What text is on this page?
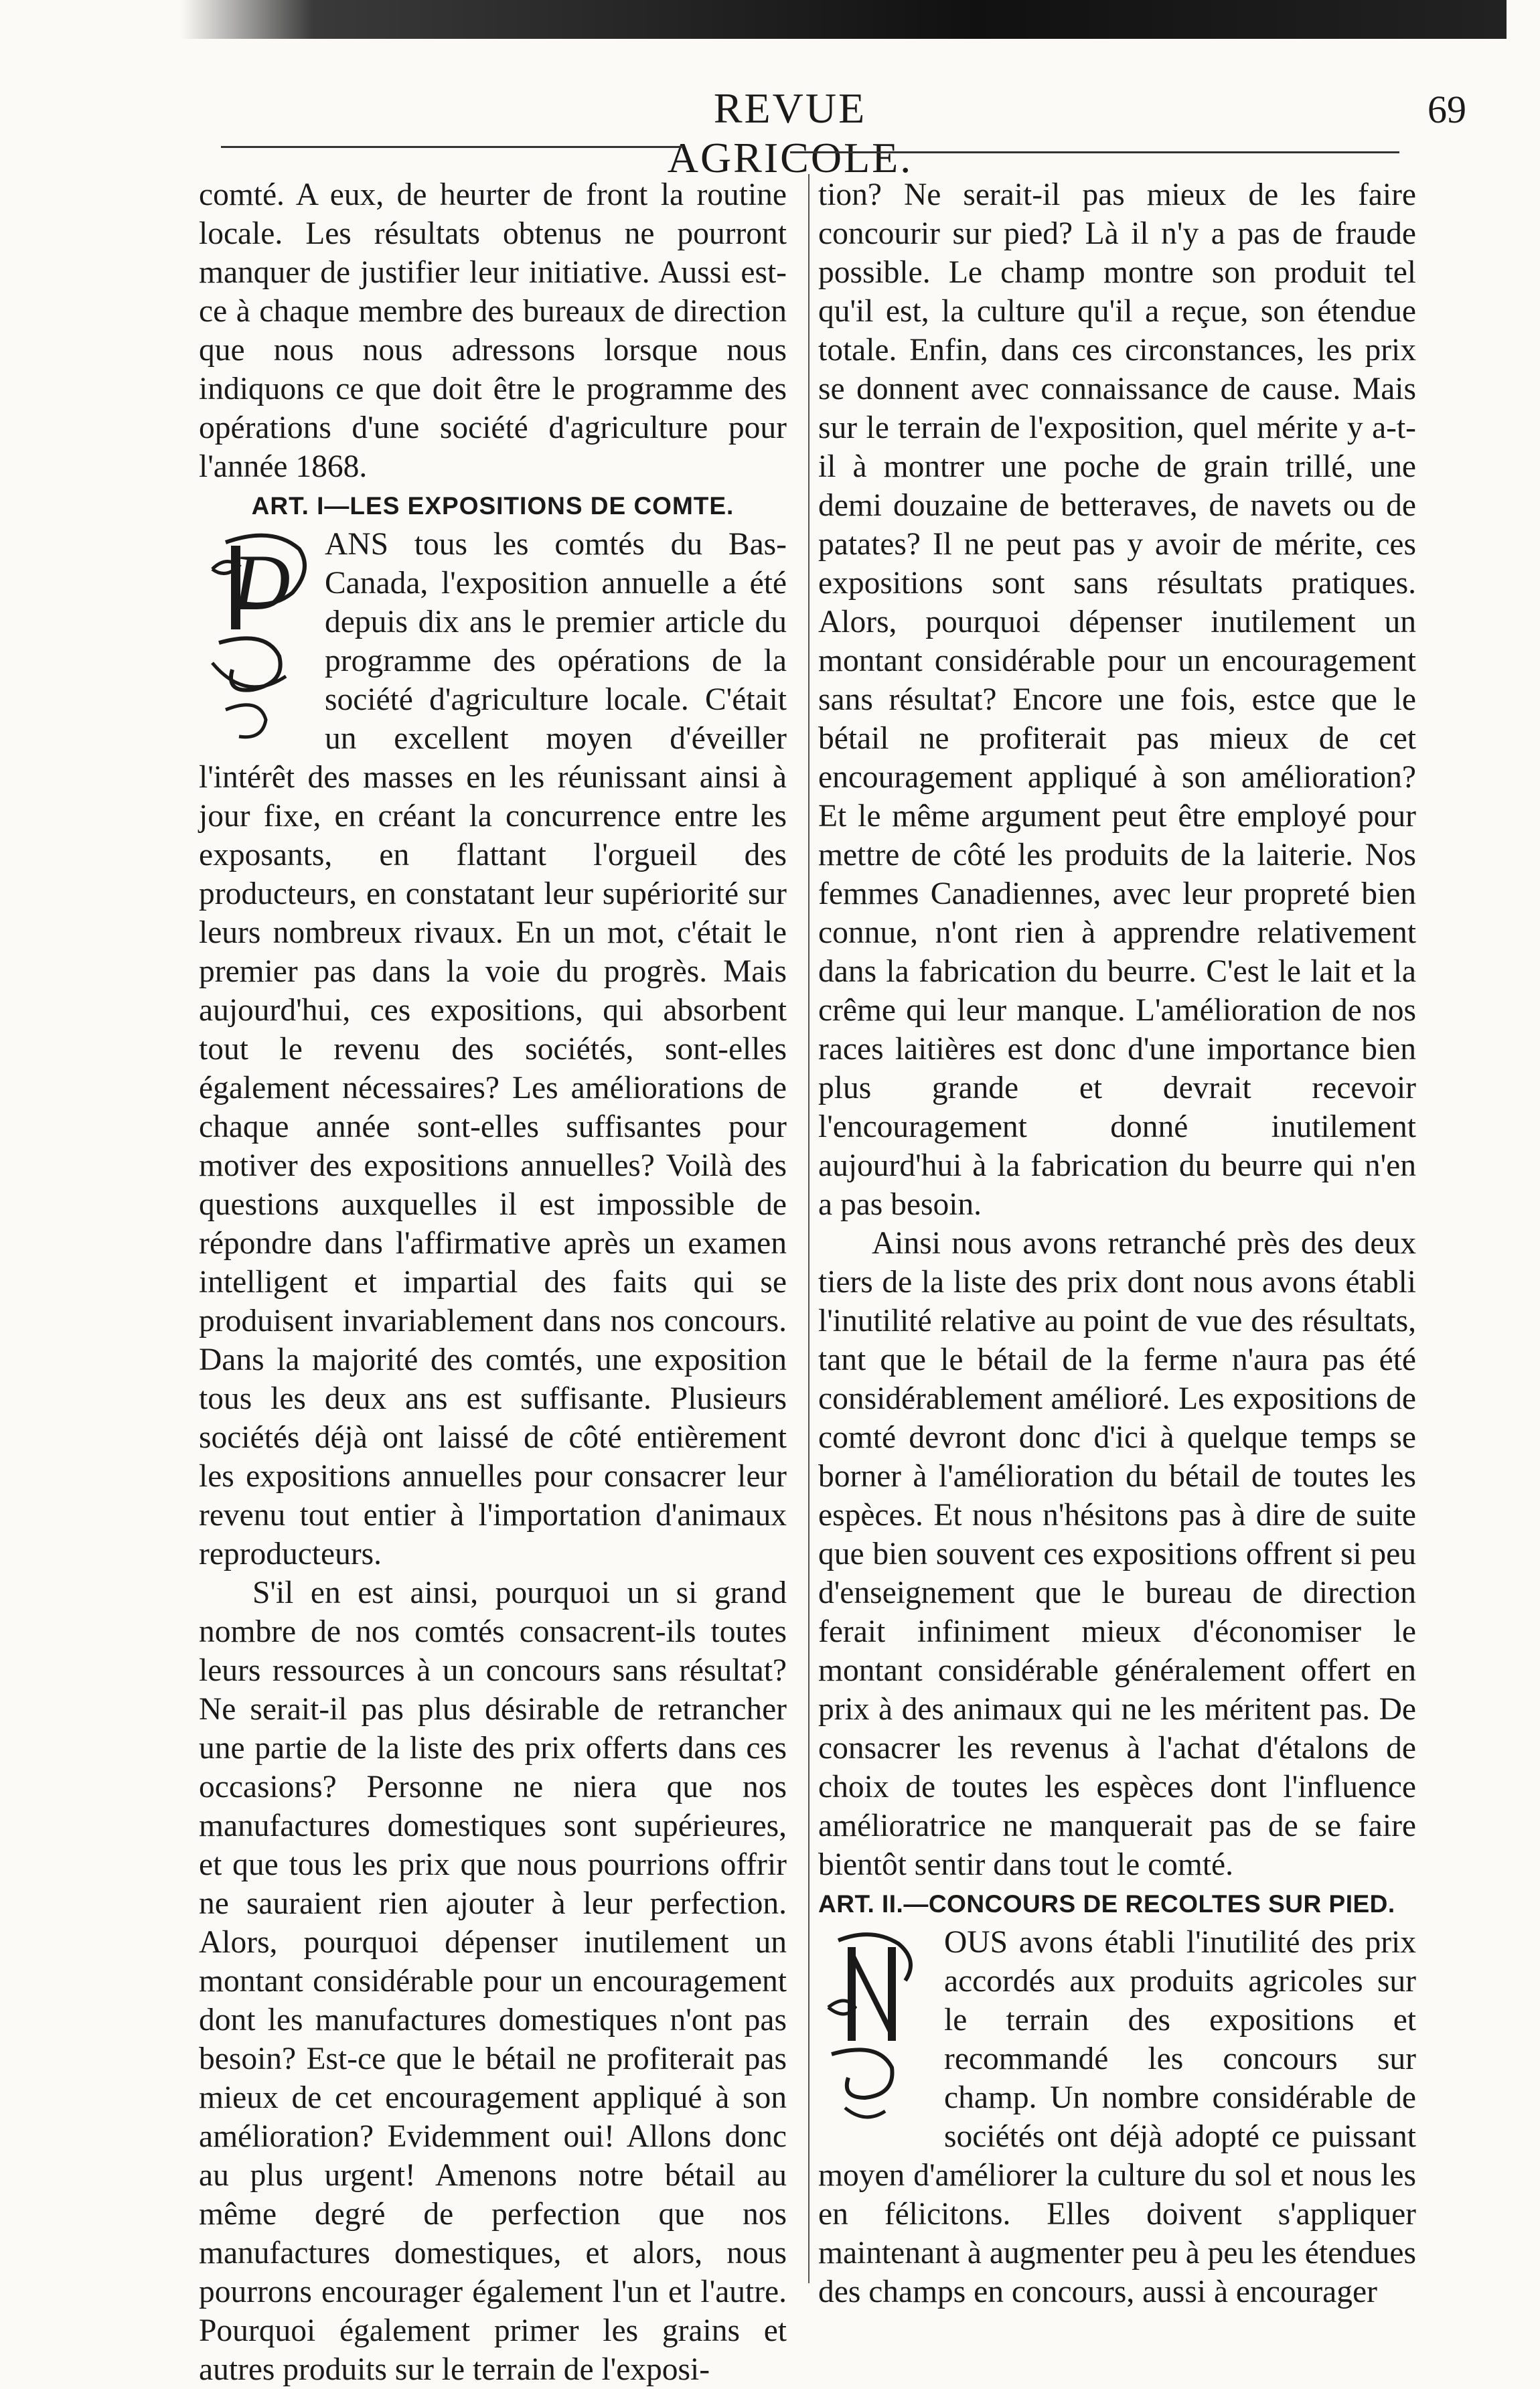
REVUE AGRICOLE.
69

comté. A eux, de heurter de front la routine locale. Les résultats obtenus ne pourront manquer de justifier leur initiative. Aussi est-ce à chaque membre des bureaux de direction que nous nous adressons lorsque nous indiquons ce que doit être le programme des opérations d'une société d'agriculture pour l'année 1868.

ART. I—LES EXPOSITIONS DE COMTE.

D ANS tous les comtés du Bas-Canada, l'exposition annuelle a été depuis dix ans le premier article du programme des opérations de la société d'agriculture locale. C'était un excellent moyen d'éveiller l'intérêt des masses en les réunissant ainsi à jour fixe, en créant la concurrence entre les exposants, en flattant l'orgueil des producteurs, en constatant leur supériorité sur leurs nombreux rivaux. En un mot, c'était le premier pas dans la voie du progrès. Mais aujourd'hui, ces expositions, qui absorbent tout le revenu des sociétés, sont-elles également nécessaires? Les améliorations de chaque année sont-elles suffisantes pour motiver des expositions annuelles? Voilà des questions auxquelles il est impossible de répondre dans l'affirmative après un examen intelligent et impartial des faits qui se produisent invariablement dans nos concours. Dans la majorité des comtés, une exposition tous les deux ans est suffisante. Plusieurs sociétés déjà ont laissé de côté entièrement les expositions annuelles pour consacrer leur revenu tout entier à l'importation d'animaux reproducteurs.

S'il en est ainsi, pourquoi un si grand nombre de nos comtés consacrent-ils toutes leurs ressources à un concours sans résultat? Ne serait-il pas plus désirable de retrancher une partie de la liste des prix offerts dans ces occasions? Personne ne niera que nos manufactures domestiques sont supérieures, et que tous les prix que nous pourrions offrir ne sauraient rien ajouter à leur perfection. Alors, pourquoi dépenser inutilement un montant considérable pour un encouragement dont les manufactures domestiques n'ont pas besoin? Est-ce que le bétail ne profiterait pas mieux de cet encouragement appliqué à son amélioration? Evidemment oui! Allons donc au plus urgent! Amenons notre bétail au même degré de perfection que nos manufactures domestiques, et alors, nous pourrons encourager également l'un et l'autre. Pourquoi également primer les grains et autres produits sur le terrain de l'exposi-

tion? Ne serait-il pas mieux de les faire concourir sur pied? Là il n'y a pas de fraude possible. Le champ montre son produit tel qu'il est, la culture qu'il a reçue, son étendue totale. Enfin, dans ces circonstances, les prix se donnent avec connaissance de cause. Mais sur le terrain de l'exposition, quel mérite y a-t-il à montrer une poche de grain trillé, une demi douzaine de betteraves, de navets ou de patates? Il ne peut pas y avoir de mérite, ces expositions sont sans résultats pratiques. Alors, pourquoi dépenser inutilement un montant considérable pour un encouragement sans résultat? Encore une fois, estce que le bétail ne profiterait pas mieux de cet encouragement appliqué à son amélioration? Et le même argument peut être employé pour mettre de côté les produits de la laiterie. Nos femmes Canadiennes, avec leur propreté bien connue, n'ont rien à apprendre relativement dans la fabrication du beurre. C'est le lait et la crême qui leur manque. L'amélioration de nos races laitières est donc d'une importance bien plus grande et devrait recevoir l'encouragement donné inutilement aujourd'hui à la fabrication du beurre qui n'en a pas besoin.

Ainsi nous avons retranché près des deux tiers de la liste des prix dont nous avons établi l'inutilité relative au point de vue des résultats, tant que le bétail de la ferme n'aura pas été considérablement amélioré. Les expositions de comté devront donc d'ici à quelque temps se borner à l'amélioration du bétail de toutes les espèces. Et nous n'hésitons pas à dire de suite que bien souvent ces expositions offrent si peu d'enseignement que le bureau de direction ferait infiniment mieux d'économiser le montant considérable généralement offert en prix à des animaux qui ne les méritent pas. De consacrer les revenus à l'achat d'étalons de choix de toutes les espèces dont l'influence amélioratrice ne manquerait pas de se faire bientôt sentir dans tout le comté.

ART. II.—CONCOURS DE RECOLTES SUR PIED.

OUS avons établi l'inutilité des prix accordés aux produits agricoles sur le terrain des expositions et recommandé les concours sur champ. Un nombre considérable de sociétés ont déjà adopté ce puissant moyen d'améliorer la culture du sol et nous les en félicitons. Elles doivent s'appliquer maintenant à augmenter peu à peu les étendues des champs en concours, aussi à encourager
